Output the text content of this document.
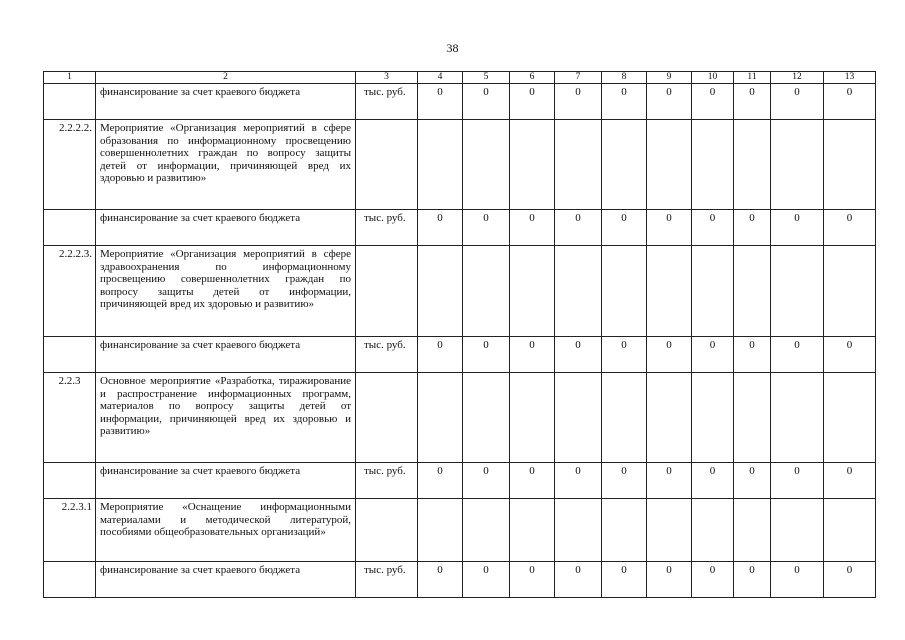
38
1	2	3	4	5	6	7	8	9	10	11	12	13
	финансирование за счет краевого бюджета	тыс. руб.	0	0	0	0	0	0	0	0	0	0
2.2.2.2.	Мероприятие «Организация мероприятий в сфере образования по информационному просвещению совершеннолетних граждан по вопросу защиты детей от информации, причиняющей вред их здоровью и развитию»											
	финансирование за счет краевого бюджета	тыс. руб.	0	0	0	0	0	0	0	0	0	0
2.2.2.3.	Мероприятие «Организация мероприятий в сфере здравоохранения по информационному просвещению совершеннолетних граждан по вопросу защиты детей от информации, причиняющей вред их здоровью и развитию»											
	финансирование за счет краевого бюджета	тыс. руб.	0	0	0	0	0	0	0	0	0	0
2.2.3	Основное мероприятие «Разработка, тиражирование и распространение информационных программ, материалов по вопросу защиты детей от информации, причиняющей вред их здоровью и развитию»											
	финансирование за счет краевого бюджета	тыс. руб.	0	0	0	0	0	0	0	0	0	0
2.2.3.1	Мероприятие «Оснащение информационными материалами и методической литературой, пособиями общеобразовательных организаций»											
	финансирование за счет краевого бюджета	тыс. руб.	0	0	0	0	0	0	0	0	0	0
